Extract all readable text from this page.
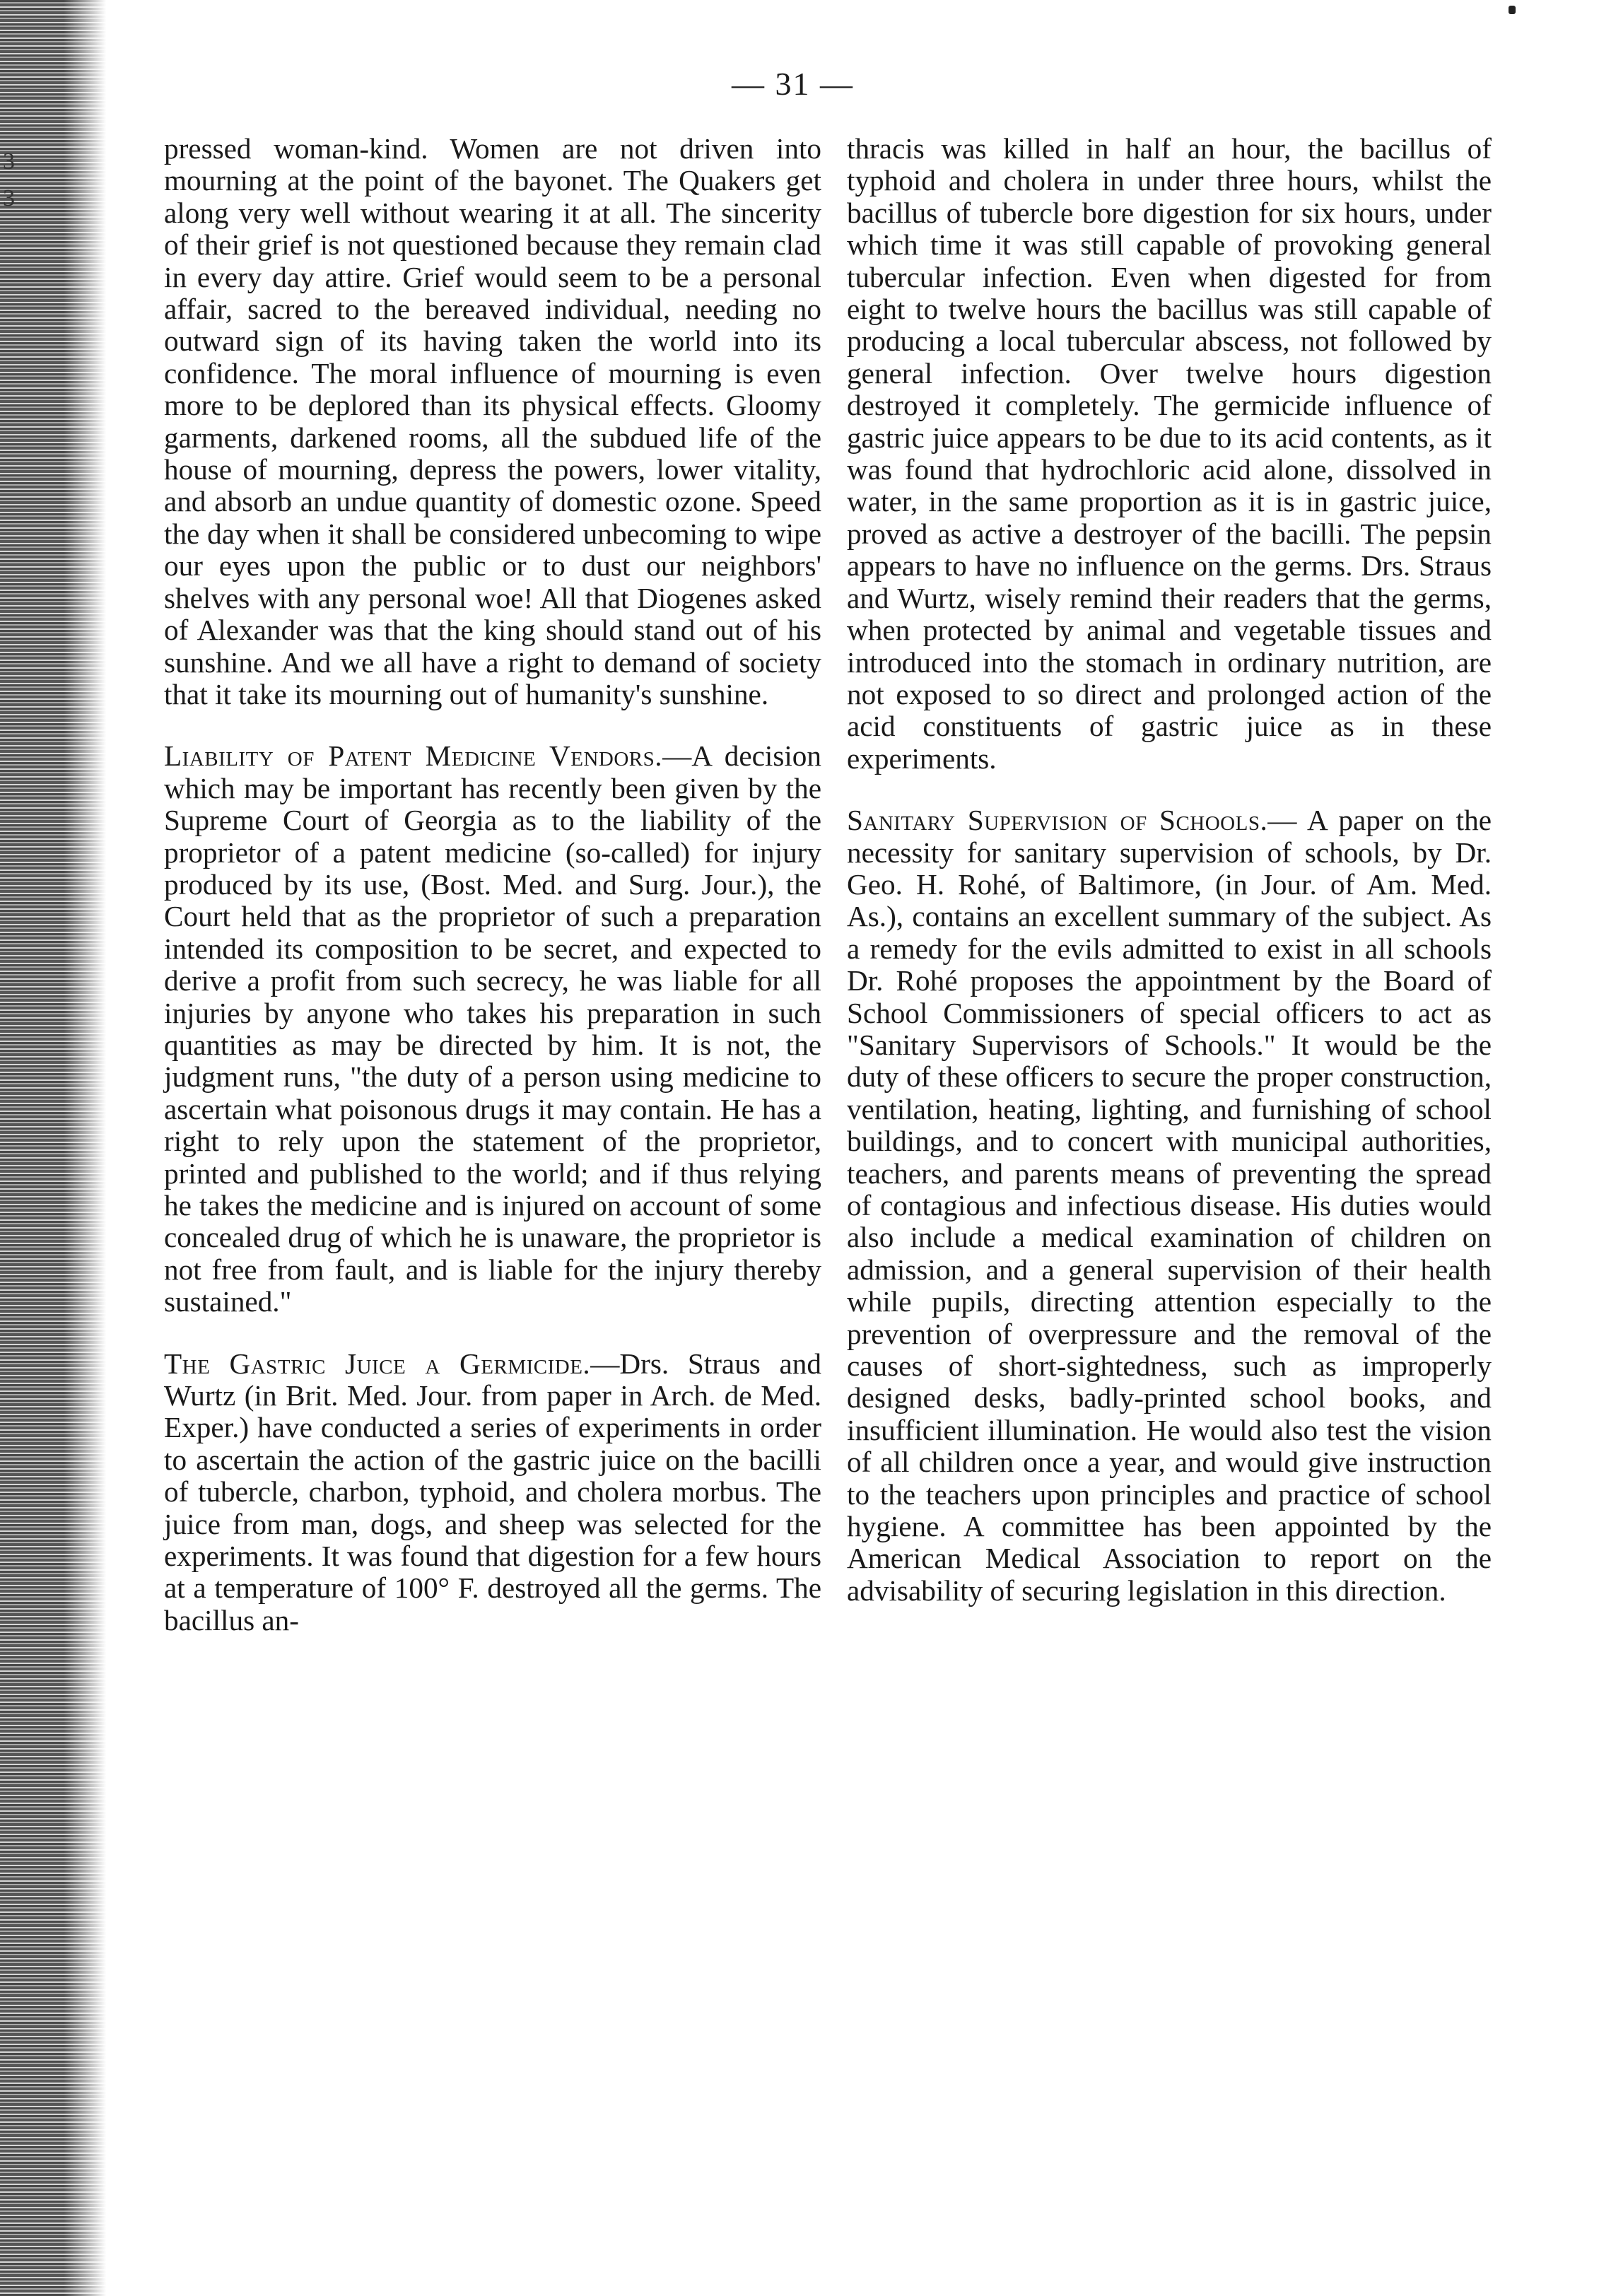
3
3
— 31 —

pressed woman-kind. Women are not driven into mourning at the point of the bayonet. The Quakers get along very well without wearing it at all. The sincerity of their grief is not questioned because they remain clad in every day attire. Grief would seem to be a personal affair, sacred to the bereaved individual, needing no outward sign of its having taken the world into its confidence. The moral influence of mourning is even more to be deplored than its physical effects. Gloomy garments, darkened rooms, all the subdued life of the house of mourning, depress the powers, lower vitality, and absorb an undue quantity of domestic ozone. Speed the day when it shall be considered unbecoming to wipe our eyes upon the public or to dust our neighbors' shelves with any personal woe! All that Diogenes asked of Alexander was that the king should stand out of his sunshine. And we all have a right to demand of society that it take its mourning out of humanity's sunshine.

Liability of Patent Medicine Vendors.—A decision which may be important has recently been given by the Supreme Court of Georgia as to the liability of the proprietor of a patent medicine (so-called) for injury produced by its use, (Bost. Med. and Surg. Jour.), the Court held that as the proprietor of such a preparation intended its composition to be secret, and expected to derive a profit from such secrecy, he was liable for all injuries by anyone who takes his preparation in such quantities as may be directed by him. It is not, the judgment runs, "the duty of a person using medicine to ascertain what poisonous drugs it may contain. He has a right to rely upon the statement of the proprietor, printed and published to the world; and if thus relying he takes the medicine and is injured on account of some concealed drug of which he is unaware, the proprietor is not free from fault, and is liable for the injury thereby sustained."

The Gastric Juice a Germicide.—Drs. Straus and Wurtz (in Brit. Med. Jour. from paper in Arch. de Med. Exper.) have conducted a series of experiments in order to ascertain the action of the gastric juice on the bacilli of tubercle, charbon, typhoid, and cholera morbus. The juice from man, dogs, and sheep was selected for the experiments. It was found that digestion for a few hours at a temperature of 100° F. destroyed all the germs. The bacillus an-

thracis was killed in half an hour, the bacillus of typhoid and cholera in under three hours, whilst the bacillus of tubercle bore digestion for six hours, under which time it was still capable of provoking general tubercular infection. Even when digested for from eight to twelve hours the bacillus was still capable of producing a local tubercular abscess, not followed by general infection. Over twelve hours digestion destroyed it completely. The germicide influence of gastric juice appears to be due to its acid contents, as it was found that hydrochloric acid alone, dissolved in water, in the same proportion as it is in gastric juice, proved as active a destroyer of the bacilli. The pepsin appears to have no influence on the germs. Drs. Straus and Wurtz, wisely remind their readers that the germs, when protected by animal and vegetable tissues and introduced into the stomach in ordinary nutrition, are not exposed to so direct and prolonged action of the acid constituents of gastric juice as in these experiments.

Sanitary Supervision of Schools.— A paper on the necessity for sanitary supervision of schools, by Dr. Geo. H. Rohé, of Baltimore, (in Jour. of Am. Med. As.), contains an excellent summary of the subject. As a remedy for the evils admitted to exist in all schools Dr. Rohé proposes the appointment by the Board of School Commissioners of special officers to act as "Sanitary Supervisors of Schools." It would be the duty of these officers to secure the proper construction, ventilation, heating, lighting, and furnishing of school buildings, and to concert with municipal authorities, teachers, and parents means of preventing the spread of contagious and infectious disease. His duties would also include a medical examination of children on admission, and a general supervision of their health while pupils, directing attention especially to the prevention of overpressure and the removal of the causes of short-sightedness, such as improperly designed desks, badly-printed school books, and insufficient illumination. He would also test the vision of all children once a year, and would give instruction to the teachers upon principles and practice of school hygiene. A committee has been appointed by the American Medical Association to report on the advisability of securing legislation in this direction.
